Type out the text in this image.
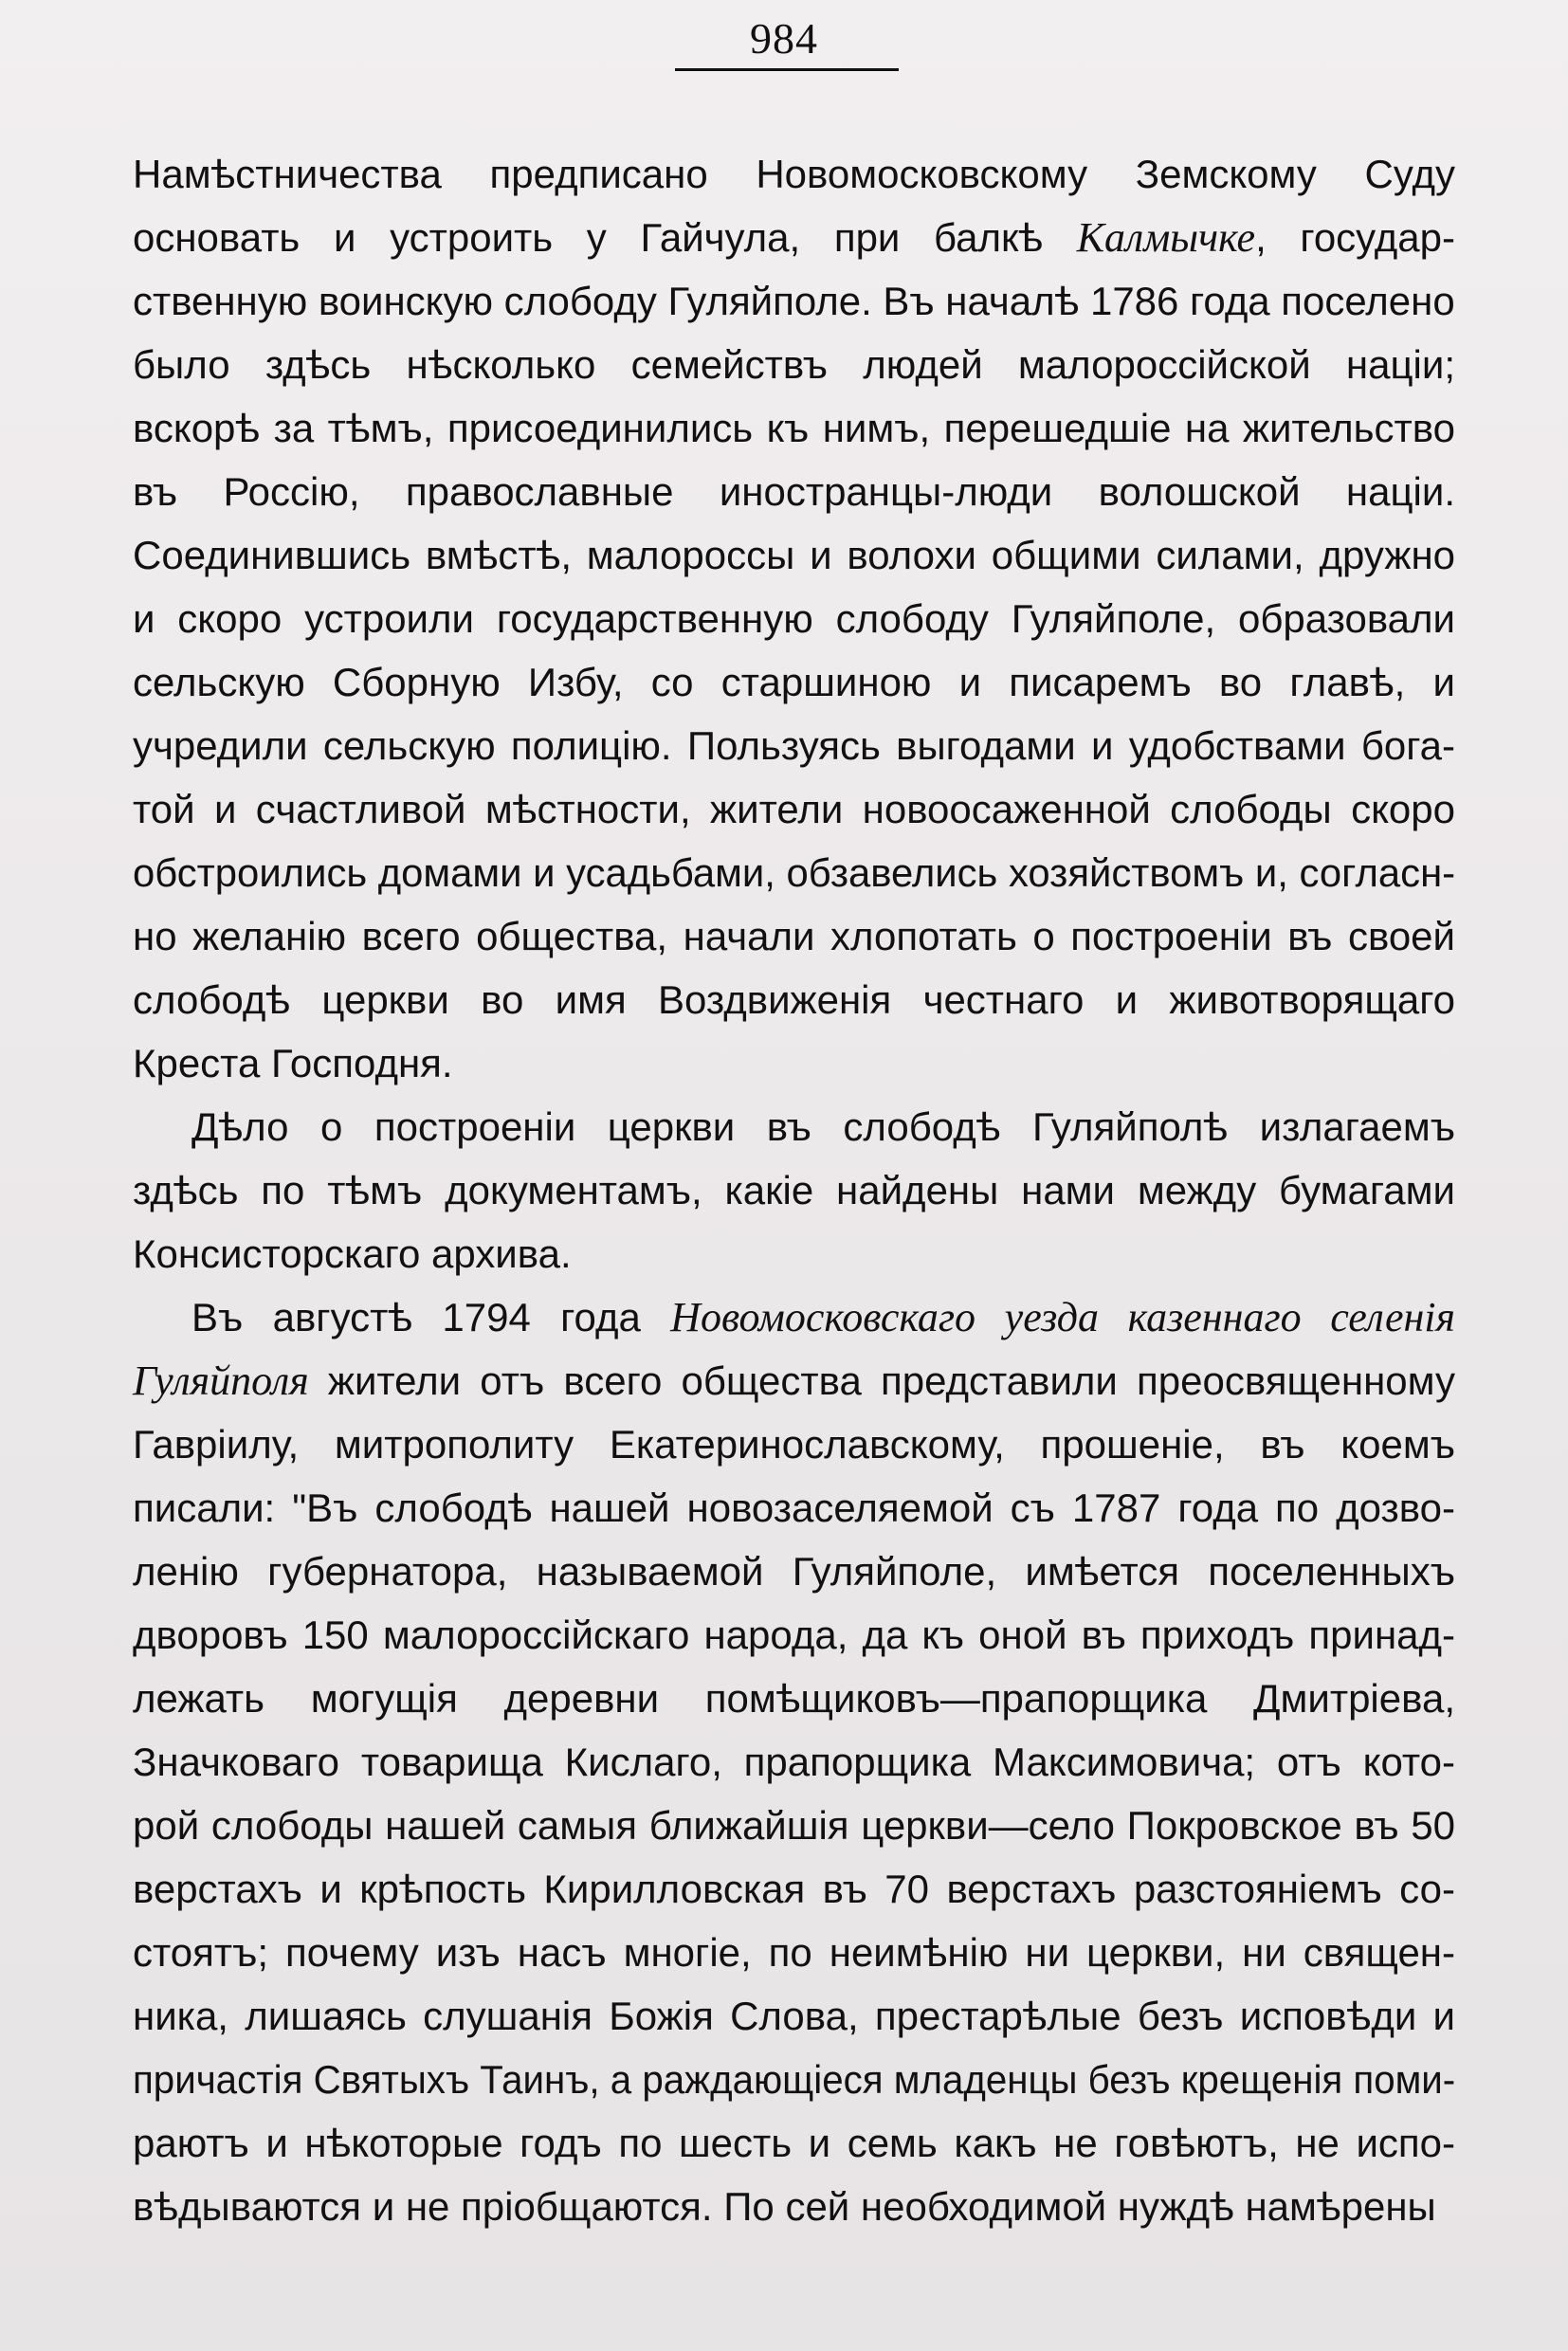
984
Намѣстничества предписано Новомосковскому Земскому Суду
основать и устроить у Гайчула, при балкѣ Калмычке, государ-
ственную воинскую слободу Гуляйполе. Въ началѣ 1786 года поселено
было здѣсь нѣсколько семействъ людей малороссійской націи;
вскорѣ за тѣмъ, присоединились къ нимъ, перешедшіе на жительство
въ Россію, православные иностранцы-люди волошской націи.
Соединившись вмѣстѣ, малороссы и волохи общими силами, дружно
и скоро устроили государственную слободу Гуляйполе, образовали
сельскую Сборную Избу, со старшиною и писаремъ во главѣ, и
учредили сельскую полицію. Пользуясь выгодами и удобствами бога-
той и счастливой мѣстности, жители новоосаженной слободы скоро
обстроились домами и усадьбами, обзавелись хозяйствомъ и, согласн-
но желанію всего общества, начали хлопотать о построеніи въ своей
слободѣ церкви во имя Воздвиженія честнаго и животворящаго
Креста Господня.
Дѣло о построеніи церкви въ слободѣ Гуляйполѣ излагаемъ
здѣсь по тѣмъ документамъ, какіе найдены нами между бумагами
Консисторскаго архива.
Въ августѣ 1794 года Новомосковскаго уезда казеннаго селенія
Гуляйполя жители отъ всего общества представили преосвященному
Гавріилу, митрополиту Екатеринославскому, прошеніе, въ коемъ
писали: "Въ слободѣ нашей новозаселяемой съ 1787 года по дозво-
ленію губернатора, называемой Гуляйполе, имѣется поселенныхъ
дворовъ 150 малороссійскаго народа, да къ оной въ приходъ принад-
лежать могущія деревни помѣщиковъ—прапорщика Дмитріева,
Значковаго товарища Кислаго, прапорщика Максимовича; отъ кото-
рой слободы нашей самыя ближайшія церкви—село Покровское въ 50
верстахъ и крѣпость Кирилловская въ 70 верстахъ разстояніемъ со-
стоятъ; почему изъ насъ многіе, по неимѣнію ни церкви, ни священ-
ника, лишаясь слушанія Божія Слова, престарѣлые безъ исповѣди и
причастія Святыхъ Таинъ, а раждающіеся младенцы безъ крещенія поми-
раютъ и нѣкоторые годъ по шесть и семь какъ не говѣютъ, не испо-
вѣдываются и не пріобщаются. По сей необходимой нуждѣ намѣрены
